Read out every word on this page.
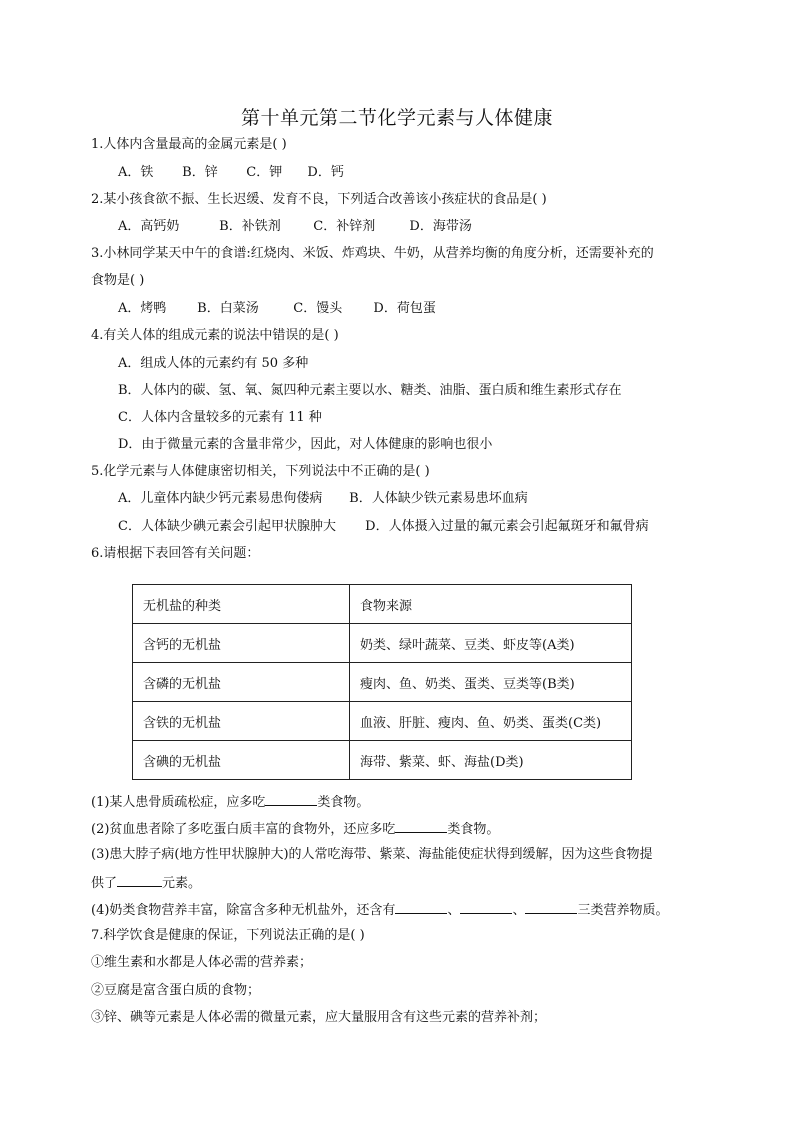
第十单元第二节化学元素与人体健康
1.人体内含量最高的金属元素是( )
A．铁 B．锌 C．钾 D．钙
2.某小孩食欲不振、生长迟缓、发育不良，下列适合改善该小孩症状的食品是( )
A．高钙奶	B．补铁剂	C．补锌剂	D．海带汤
3.小林同学某天中午的食谱:红烧肉、米饭、炸鸡块、牛奶，从营养均衡的角度分析，还需要补充的
食物是( )
A．烤鸭 B．白菜汤	C．馒头 D．荷包蛋
4.有关人体的组成元素的说法中错误的是( )
A．组成人体的元素约有 50 多种
B．人体内的碳、氢、氧、氮四种元素主要以水、糖类、油脂、蛋白质和维生素形式存在
C．人体内含量较多的元素有 11 种
D．由于微量元素的含量非常少，因此，对人体健康的影响也很小
5.化学元素与人体健康密切相关，下列说法中不正确的是( )
A．儿童体内缺少钙元素易患佝偻病 B．人体缺少铁元素易患坏血病
C．人体缺少碘元素会引起甲状腺肿大 D．人体摄入过量的氟元素会引起氟斑牙和氟骨病
6.请根据下表回答有关问题：
无机盐的种类	食物来源
含钙的无机盐	奶类、绿叶蔬菜、豆类、虾皮等(A类)
含磷的无机盐	瘦肉、鱼、奶类、蛋类、豆类等(B类)
含铁的无机盐	血液、肝脏、瘦肉、鱼、奶类、蛋类(C类)
含碘的无机盐	海带、紫菜、虾、海盐(D类)
(1)某人患骨质疏松症，应多吃	类食物。
(2)贫血患者除了多吃蛋白质丰富的食物外，还应多吃	类食物。
(3)患大脖子病(地方性甲状腺肿大)的人常吃海带、紫菜、海盐能使症状得到缓解，因为这些食物提
供了	元素。
(4)奶类食物营养丰富，除富含多种无机盐外，还含有	、	、	三类营养物质。
7.科学饮食是健康的保证，下列说法正确的是( )
①维生素和水都是人体必需的营养素；
②豆腐是富含蛋白质的食物；
③锌、碘等元素是人体必需的微量元素，应大量服用含有这些元素的营养补剂；
